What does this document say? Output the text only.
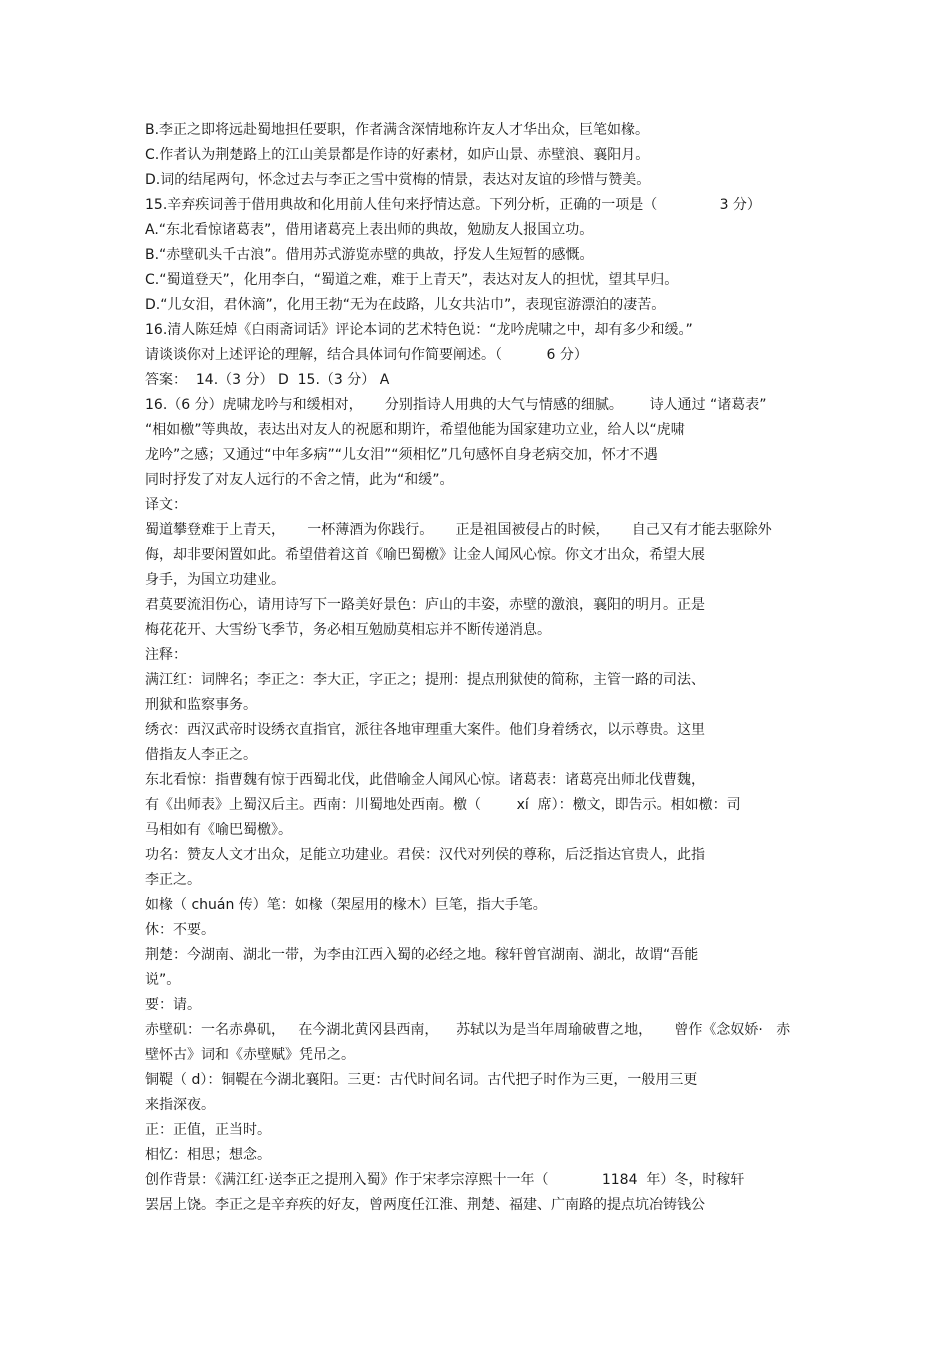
B.李正之即将远赴蜀地担任要职，作者满含深情地称许友人才华出众，巨笔如椽。
C.作者认为荆楚路上的江山美景都是作诗的好素材，如庐山景、赤壁浪、襄阳月。
D.词的结尾两句，怀念过去与李正之雪中赏梅的情景，表达对友谊的珍惜与赞美。
15.辛弃疾词善于借用典故和化用前人佳句来抒情达意。下列分析，正确的一项是（              3 分）
A.“东北看惊诸葛表”，借用诸葛亮上表出师的典故，勉励友人报国立功。
B.“赤壁矶头千古浪”。借用苏式游览赤壁的典故，抒发人生短暂的感慨。
C.“蜀道登天”，化用李白，“蜀道之难，难于上青天”，表达对友人的担忧，望其早归。
D.“儿女泪，君休滴”，化用王勃“无为在歧路，儿女共沾巾”，表现宦游漂泊的凄苦。
16.清人陈廷焯《白雨斋词话》评论本词的艺术特色说：“龙吟虎啸之中，却有多少和缓。”
请谈谈你对上述评论的理解，结合具体词句作简要阐述。（          6 分）
答案：  14.（3 分） D  15.（3 分） A
16.（6 分）虎啸龙吟与和缓相对，     分别指诗人用典的大气与情感的细腻。      诗人通过 “诸葛表”
“相如檄”等典故，表达出对友人的祝愿和期许，希望他能为国家建功立业，给人以“虎啸
龙吟”之感；又通过“中年多病”“儿女泪”“须相忆”几句感怀自身老病交加，怀才不遇
同时抒发了对友人远行的不舍之情，此为“和缓”。
译文：
蜀道攀登难于上青天，     一杯薄酒为你践行。     正是祖国被侵占的时候，     自己又有才能去驱除外
侮，却非要闲置如此。希望借着这首《喻巴蜀檄》让金人闻风心惊。你文才出众，希望大展
身手，为国立功建业。
君莫要流泪伤心，请用诗写下一路美好景色：庐山的丰姿，赤壁的激浪，襄阳的明月。正是
梅花花开、大雪纷飞季节，务必相互勉励莫相忘并不断传递消息。
注释：
满江红：词牌名；李正之：李大正，字正之；提刑：提点刑狱使的简称，主管一路的司法、
刑狱和监察事务。
绣衣：西汉武帝时设绣衣直指官，派往各地审理重大案件。他们身着绣衣，以示尊贵。这里
借指友人李正之。
东北看惊：指曹魏有惊于西蜀北伐，此借喻金人闻风心惊。诸葛表：诸葛亮出师北伐曹魏，
有《出师表》上蜀汉后主。西南：川蜀地处西南。檄（        xí  席）：檄文，即告示。相如檄：司
马相如有《喻巴蜀檄》。
功名：赞友人文才出众，足能立功建业。君侯：汉代对列侯的尊称，后泛指达官贵人，此指
李正之。
如椽（ chuán 传）笔：如椽（架屋用的椽木）巨笔，指大手笔。
休：不要。
荆楚：今湖南、湖北一带，为李由江西入蜀的必经之地。稼轩曾官湖南、湖北，故谓“吾能
说”。
要：请。
赤壁矶：一名赤鼻矶，   在今湖北黄冈县西南，    苏轼以为是当年周瑜破曹之地，     曾作《念奴娇·   赤
壁怀古》词和《赤壁赋》凭吊之。
铜鞮（ d）：铜鞮在今湖北襄阳。三更：古代时间名词。古代把子时作为三更，一般用三更
来指深夜。
正：正值，正当时。
相忆：相思；想念。
创作背景：《满江红·送李正之提刑入蜀》作于宋孝宗淳熙十一年（            1184  年）冬，时稼轩
罢居上饶。李正之是辛弃疾的好友，曾两度任江淮、荆楚、福建、广南路的提点坑冶铸钱公
